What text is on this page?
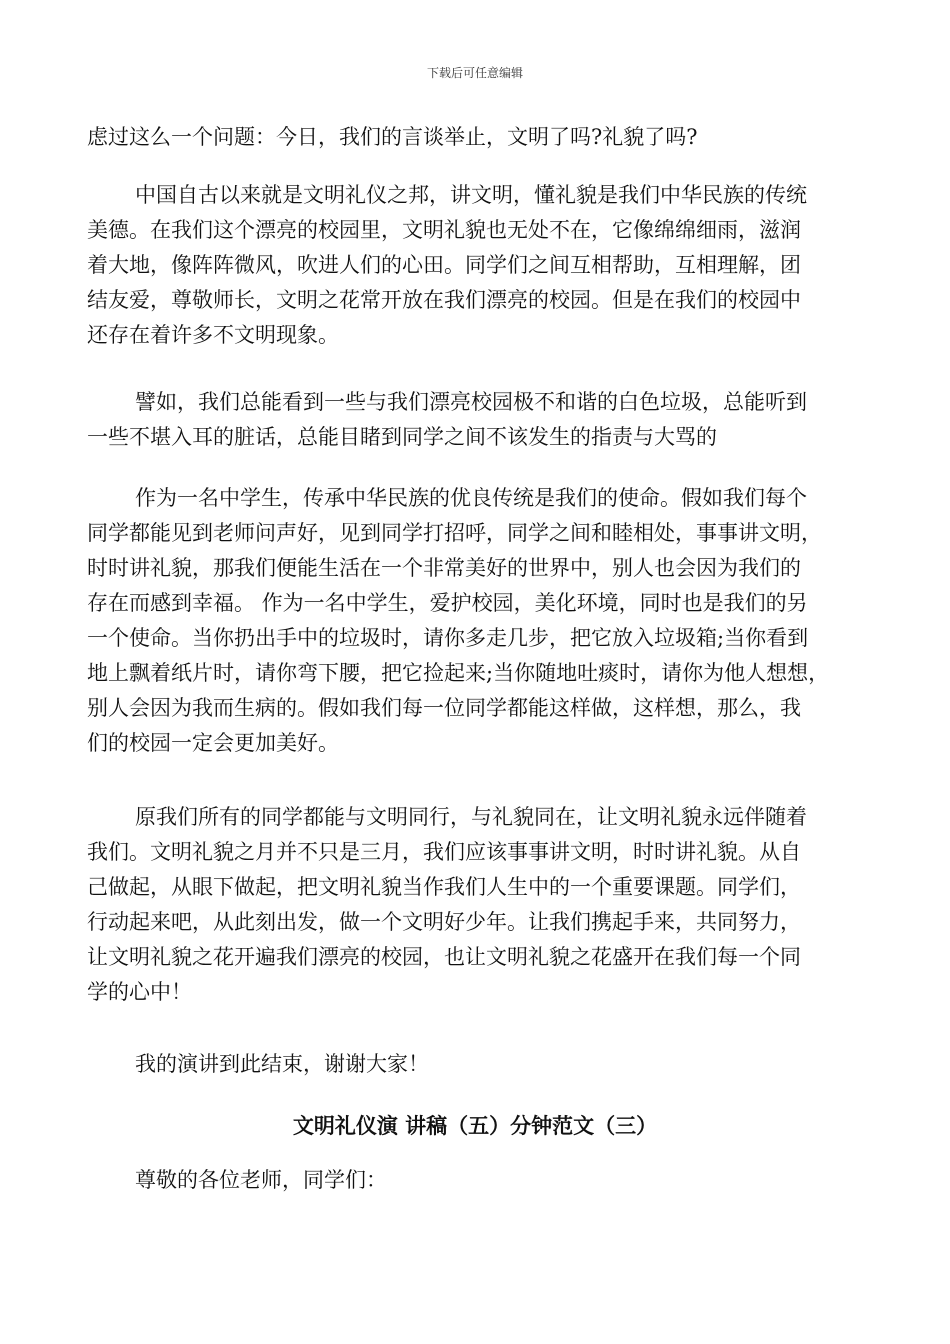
下载后可任意编辑
虑过这么一个问题：今日，我们的言谈举止，文明了吗?礼貌了吗?
中国自古以来就是文明礼仪之邦，讲文明，懂礼貌是我们中华民族的传统
美德。在我们这个漂亮的校园里，文明礼貌也无处不在，它像绵绵细雨，滋润
着大地，像阵阵微风，吹进人们的心田。同学们之间互相帮助，互相理解，团
结友爱，尊敬师长，文明之花常开放在我们漂亮的校园。但是在我们的校园中
还存在着许多不文明现象。
譬如，我们总能看到一些与我们漂亮校园极不和谐的白色垃圾，总能听到
一些不堪入耳的脏话，总能目睹到同学之间不该发生的指责与大骂的
作为一名中学生，传承中华民族的优良传统是我们的使命。假如我们每个
同学都能见到老师问声好，见到同学打招呼，同学之间和睦相处，事事讲文明，
时时讲礼貌，那我们便能生活在一个非常美好的世界中，别人也会因为我们的
存在而感到幸福。 作为一名中学生，爱护校园，美化环境，同时也是我们的另
一个使命。当你扔出手中的垃圾时，请你多走几步，把它放入垃圾箱;当你看到
地上飘着纸片时，请你弯下腰，把它捡起来;当你随地吐痰时，请你为他人想想，
别人会因为我而生病的。假如我们每一位同学都能这样做，这样想，那么，我
们的校园一定会更加美好。
原我们所有的同学都能与文明同行，与礼貌同在，让文明礼貌永远伴随着
我们。文明礼貌之月并不只是三月，我们应该事事讲文明，时时讲礼貌。从自
己做起，从眼下做起，把文明礼貌当作我们人生中的一个重要课题。同学们，
行动起来吧，从此刻出发，做一个文明好少年。让我们携起手来，共同努力，
让文明礼貌之花开遍我们漂亮的校园，也让文明礼貌之花盛开在我们每一个同
学的心中！
我的演讲到此结束，谢谢大家！
文明礼仪演 讲稿（五）分钟范文（三）
尊敬的各位老师，同学们：
